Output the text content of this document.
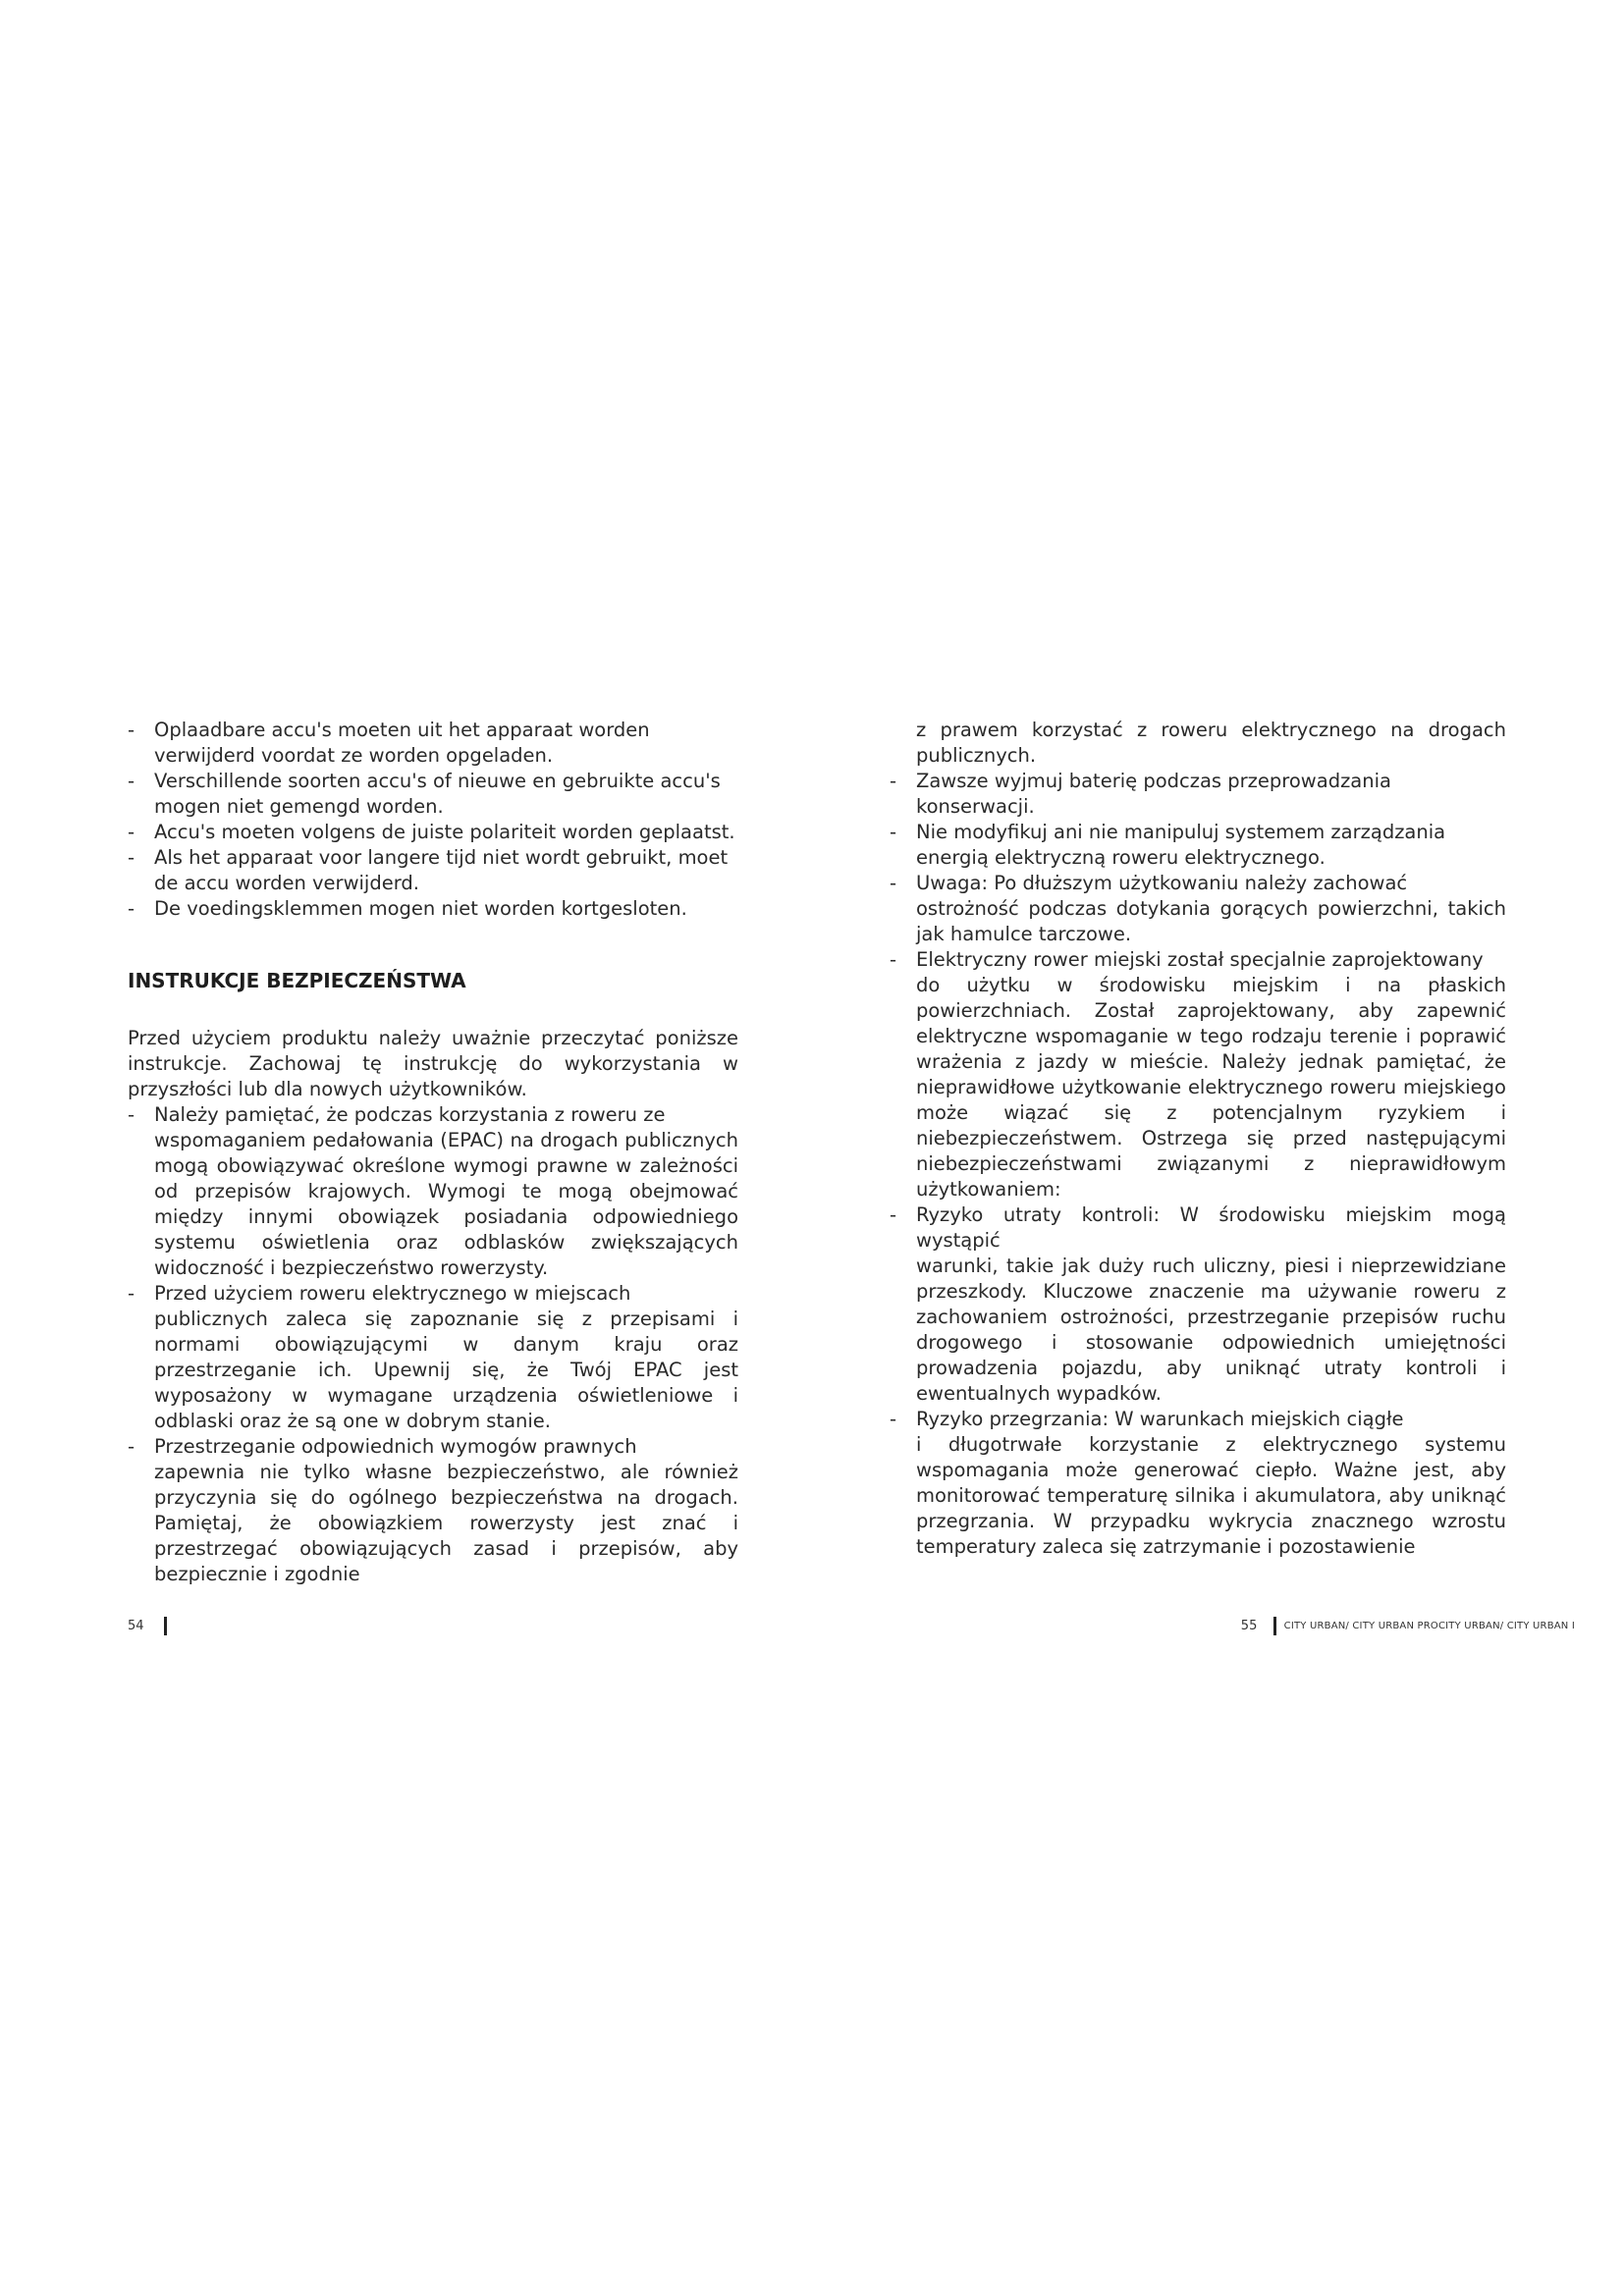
- Oplaadbare accu's moeten uit het apparaat worden
verwijderd voordat ze worden opgeladen.
- Verschillende soorten accu's of nieuwe en gebruikte accu's
mogen niet gemengd worden.
- Accu's moeten volgens de juiste polariteit worden geplaatst.
- Als het apparaat voor langere tijd niet wordt gebruikt, moet
de accu worden verwijderd.
- De voedingsklemmen mogen niet worden kortgesloten.
INSTRUKCJE BEZPIECZEŃSTWA

Przed użyciem produktu należy uważnie przeczytać poniższe instrukcje. Zachowaj tę instrukcję do wykorzystania w przyszłości lub dla nowych użytkowników.

- Należy pamiętać, że podczas korzystania z roweru ze
wspomaganiem pedałowania (EPAC) na drogach publicznych mogą obowiązywać określone wymogi prawne w zależności od przepisów krajowych. Wymogi te mogą obejmować między innymi obowiązek posiadania odpowiedniego systemu oświetlenia oraz odblasków zwiększających widoczność i bezpieczeństwo rowerzysty.
- Przed użyciem roweru elektrycznego w miejscach
publicznych zaleca się zapoznanie się z przepisami i normami obowiązującymi w danym kraju oraz przestrzeganie ich. Upewnij się, że Twój EPAC jest wyposażony w wymagane urządzenia oświetleniowe i odblaski oraz że są one w dobrym stanie.
- Przestrzeganie odpowiednich wymogów prawnych
zapewnia nie tylko własne bezpieczeństwo, ale również przyczynia się do ogólnego bezpieczeństwa na drogach. Pamiętaj, że obowiązkiem rowerzysty jest znać i przestrzegać obowiązujących zasad i przepisów, aby bezpiecznie i zgodnie
z prawem korzystać z roweru elektrycznego na drogach publicznych.
- Zawsze wyjmuj baterię podczas przeprowadzania
konserwacji.
- Nie modyfikuj ani nie manipuluj systemem zarządzania
energią elektryczną roweru elektrycznego.
- Uwaga: Po dłuższym użytkowaniu należy zachować
ostrożność podczas dotykania gorących powierzchni, takich jak hamulce tarczowe.
- Elektryczny rower miejski został specjalnie zaprojektowany
do użytku w środowisku miejskim i na płaskich powierzchniach. Został zaprojektowany, aby zapewnić elektryczne wspomaganie w tego rodzaju terenie i poprawić wrażenia z jazdy w mieście. Należy jednak pamiętać, że nieprawidłowe użytkowanie elektrycznego roweru miejskiego może wiązać się z potencjalnym ryzykiem i niebezpieczeństwem. Ostrzega się przed następującymi niebezpieczeństwami związanymi z nieprawidłowym użytkowaniem:
- Ryzyko utraty kontroli: W środowisku miejskim mogą wystąpić
warunki, takie jak duży ruch uliczny, piesi i nieprzewidziane przeszkody. Kluczowe znaczenie ma używanie roweru z zachowaniem ostrożności, przestrzeganie przepisów ruchu drogowego i stosowanie odpowiednich umiejętności prowadzenia pojazdu, aby uniknąć utraty kontroli i ewentualnych wypadków.
- Ryzyko przegrzania: W warunkach miejskich ciągłe
i długotrwałe korzystanie z elektrycznego systemu wspomagania może generować ciepło. Ważne jest, aby monitorować temperaturę silnika i akumulatora, aby uniknąć przegrzania. W przypadku wykrycia znacznego wzrostu temperatury zaleca się zatrzymanie i pozostawienie
54	55	CITY URBAN/ CITY URBAN PROCITY URBAN/ CITY URBAN I
